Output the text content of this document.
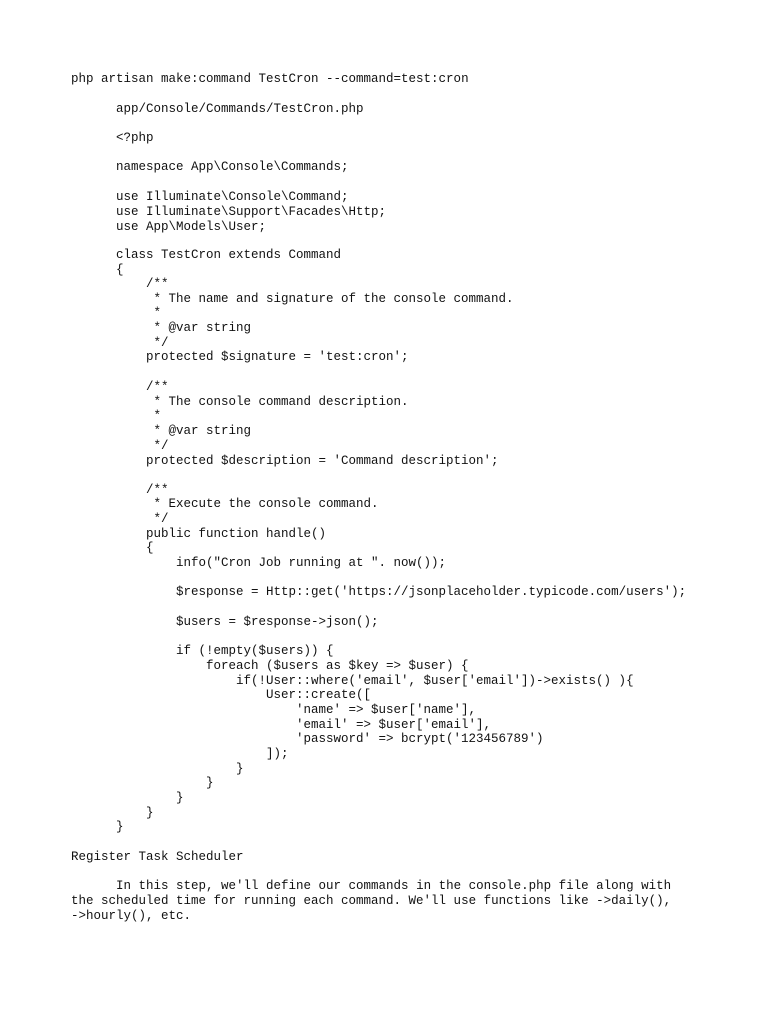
php artisan make:command TestCron --command=test:cron
app/Console/Commands/TestCron.php
<?php
namespace App\Console\Commands;
use Illuminate\Console\Command;
use Illuminate\Support\Facades\Http;
use App\Models\User;
class TestCron extends Command
{
/**
* The name and signature of the console command.
*
* @var string
*/
protected $signature = 'test:cron';
/**
* The console command description.
*
* @var string
*/
protected $description = 'Command description';
/**
* Execute the console command.
*/
public function handle()
{
info("Cron Job running at ". now());
$response = Http::get('https://jsonplaceholder.typicode.com/users');
$users = $response->json();
if (!empty($users)) {
foreach ($users as $key => $user) {
if(!User::where('email', $user['email'])->exists() ){
User::create([
'name' => $user['name'],
'email' => $user['email'],
'password' => bcrypt('123456789')
]);
}
}
}
}
}
Register Task Scheduler
In this step, we'll define our commands in the console.php file along with the scheduled time for running each command. We'll use functions like ->daily(), ->hourly(), etc.
